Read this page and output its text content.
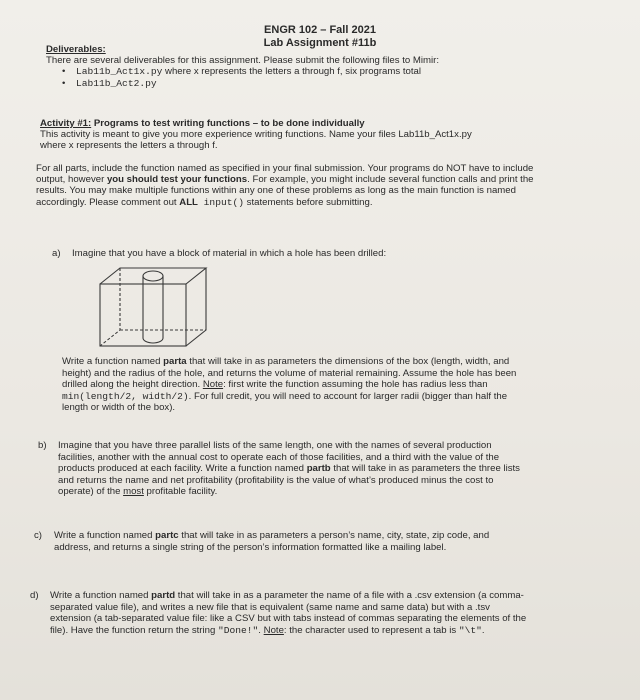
ENGR 102 – Fall 2021
Lab Assignment #11b
Deliverables:
There are several deliverables for this assignment. Please submit the following files to Mimir:
• Lab11b_Act1x.py where x represents the letters a through f, six programs total
• Lab11b_Act2.py
Activity #1: Programs to test writing functions – to be done individually
This activity is meant to give you more experience writing functions. Name your files Lab11b_Act1x.py
where x represents the letters a through f.
For all parts, include the function named as specified in your final submission. Your programs do NOT have to include output, however you should test your functions. For example, you might include several function calls and print the results. You may make multiple functions within any one of these problems as long as the main function is named accordingly. Please comment out ALL input() statements before submitting.
a) Imagine that you have a block of material in which a hole has been drilled:
Write a function named parta that will take in as parameters the dimensions of the box (length, width, and height) and the radius of the hole, and returns the volume of material remaining. Assume the hole has been drilled along the height direction. Note: first write the function assuming the hole has radius less than min(length/2, width/2). For full credit, you will need to account for larger radii (bigger than half the length or width of the box).
b) Imagine that you have three parallel lists of the same length, one with the names of several production facilities, another with the annual cost to operate each of those facilities, and a third with the value of the products produced at each facility. Write a function named partb that will take in as parameters the three lists and returns the name and net profitability (profitability is the value of what’s produced minus the cost to operate) of the most profitable facility.
c) Write a function named partc that will take in as parameters a person’s name, city, state, zip code, and address, and returns a single string of the person’s information formatted like a mailing label.
d) Write a function named partd that will take in as a parameter the name of a file with a .csv extension (a comma-separated value file), and writes a new file that is equivalent (same name and same data) but with a .tsv extension (a tab-separated value file: like a CSV but with tabs instead of commas separating the elements of the file). Have the function return the string "Done!". Note: the character used to represent a tab is "\t".
